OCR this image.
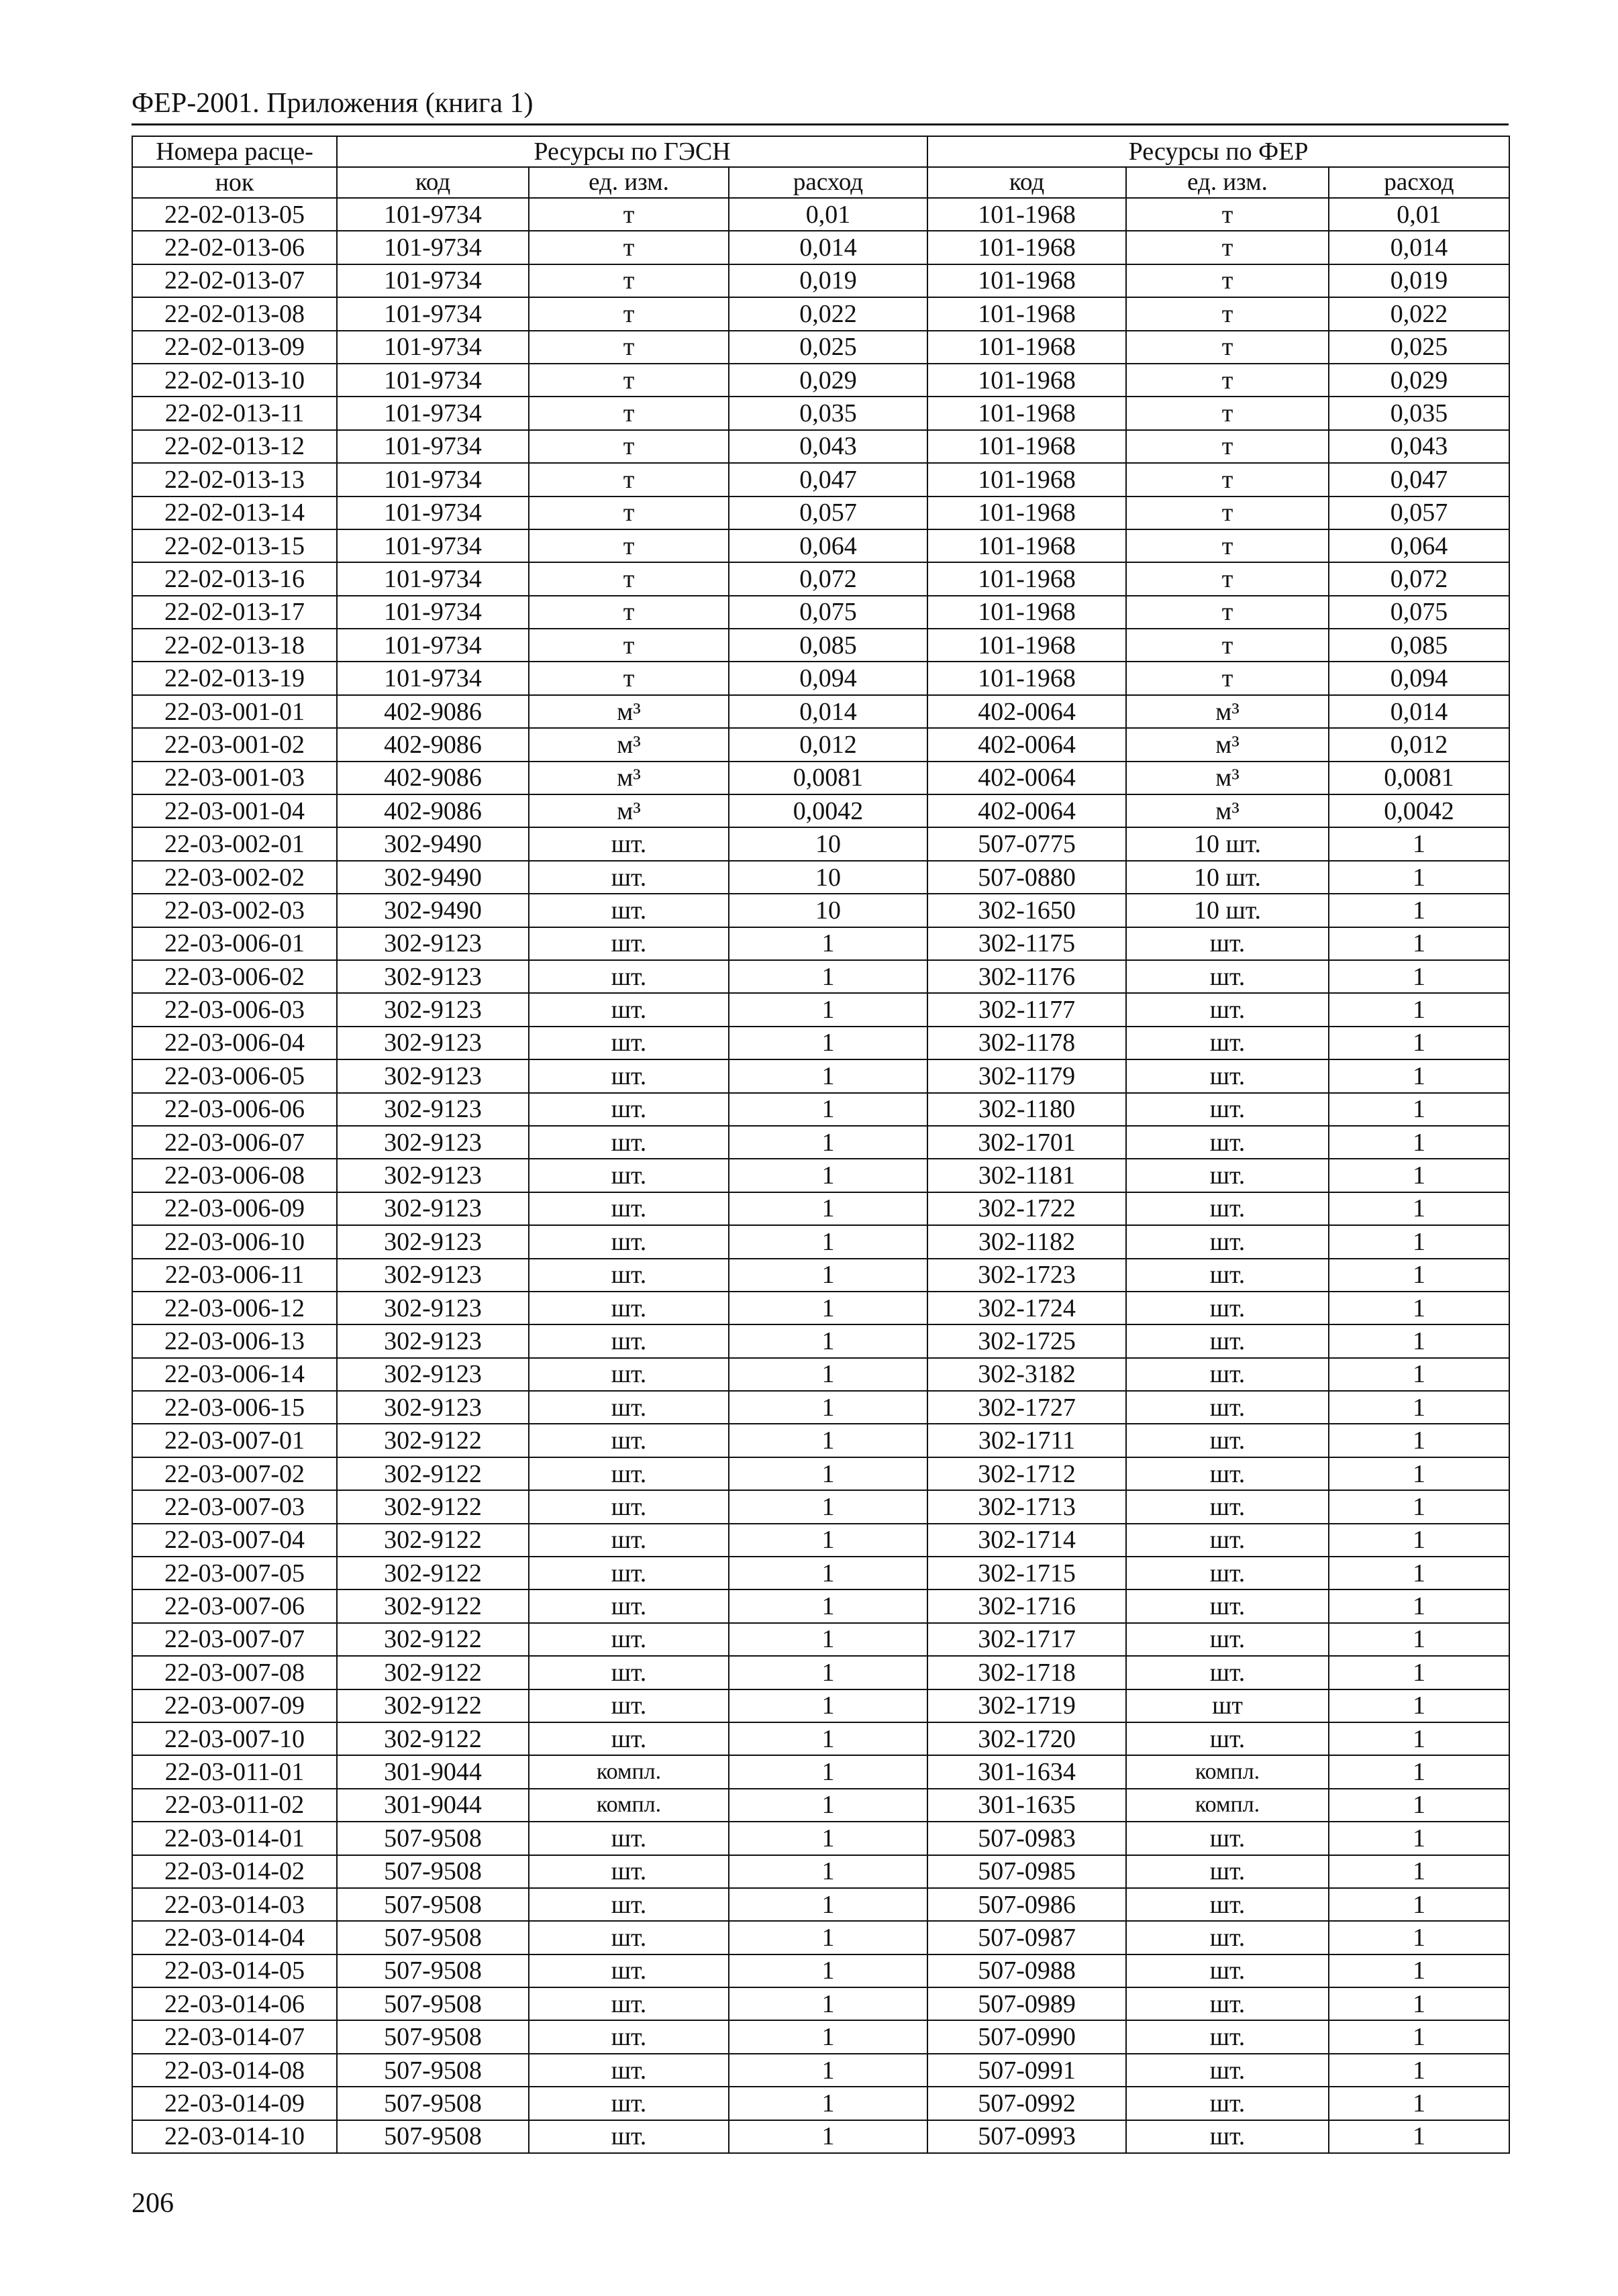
ФЕР-2001. Приложения (книга 1)
Номера расце-	Ресурсы по ГЭСН			Ресурсы по ФЕР		
нок	код	ед. изм.	расход	код	ед. изм.	расход
22-02-013-05	101-9734	т	0,01	101-1968	т	0,01
22-02-013-06	101-9734	т	0,014	101-1968	т	0,014
22-02-013-07	101-9734	т	0,019	101-1968	т	0,019
22-02-013-08	101-9734	т	0,022	101-1968	т	0,022
22-02-013-09	101-9734	т	0,025	101-1968	т	0,025
22-02-013-10	101-9734	т	0,029	101-1968	т	0,029
22-02-013-11	101-9734	т	0,035	101-1968	т	0,035
22-02-013-12	101-9734	т	0,043	101-1968	т	0,043
22-02-013-13	101-9734	т	0,047	101-1968	т	0,047
22-02-013-14	101-9734	т	0,057	101-1968	т	0,057
22-02-013-15	101-9734	т	0,064	101-1968	т	0,064
22-02-013-16	101-9734	т	0,072	101-1968	т	0,072
22-02-013-17	101-9734	т	0,075	101-1968	т	0,075
22-02-013-18	101-9734	т	0,085	101-1968	т	0,085
22-02-013-19	101-9734	т	0,094	101-1968	т	0,094
22-03-001-01	402-9086	м³	0,014	402-0064	м³	0,014
22-03-001-02	402-9086	м³	0,012	402-0064	м³	0,012
22-03-001-03	402-9086	м³	0,0081	402-0064	м³	0,0081
22-03-001-04	402-9086	м³	0,0042	402-0064	м³	0,0042
22-03-002-01	302-9490	шт.	10	507-0775	10 шт.	1
22-03-002-02	302-9490	шт.	10	507-0880	10 шт.	1
22-03-002-03	302-9490	шт.	10	302-1650	10 шт.	1
22-03-006-01	302-9123	шт.	1	302-1175	шт.	1
22-03-006-02	302-9123	шт.	1	302-1176	шт.	1
22-03-006-03	302-9123	шт.	1	302-1177	шт.	1
22-03-006-04	302-9123	шт.	1	302-1178	шт.	1
22-03-006-05	302-9123	шт.	1	302-1179	шт.	1
22-03-006-06	302-9123	шт.	1	302-1180	шт.	1
22-03-006-07	302-9123	шт.	1	302-1701	шт.	1
22-03-006-08	302-9123	шт.	1	302-1181	шт.	1
22-03-006-09	302-9123	шт.	1	302-1722	шт.	1
22-03-006-10	302-9123	шт.	1	302-1182	шт.	1
22-03-006-11	302-9123	шт.	1	302-1723	шт.	1
22-03-006-12	302-9123	шт.	1	302-1724	шт.	1
22-03-006-13	302-9123	шт.	1	302-1725	шт.	1
22-03-006-14	302-9123	шт.	1	302-3182	шт.	1
22-03-006-15	302-9123	шт.	1	302-1727	шт.	1
22-03-007-01	302-9122	шт.	1	302-1711	шт.	1
22-03-007-02	302-9122	шт.	1	302-1712	шт.	1
22-03-007-03	302-9122	шт.	1	302-1713	шт.	1
22-03-007-04	302-9122	шт.	1	302-1714	шт.	1
22-03-007-05	302-9122	шт.	1	302-1715	шт.	1
22-03-007-06	302-9122	шт.	1	302-1716	шт.	1
22-03-007-07	302-9122	шт.	1	302-1717	шт.	1
22-03-007-08	302-9122	шт.	1	302-1718	шт.	1
22-03-007-09	302-9122	шт.	1	302-1719	шт	1
22-03-007-10	302-9122	шт.	1	302-1720	шт.	1
22-03-011-01	301-9044	компл.	1	301-1634	компл.	1
22-03-011-02	301-9044	компл.	1	301-1635	компл.	1
22-03-014-01	507-9508	шт.	1	507-0983	шт.	1
22-03-014-02	507-9508	шт.	1	507-0985	шт.	1
22-03-014-03	507-9508	шт.	1	507-0986	шт.	1
22-03-014-04	507-9508	шт.	1	507-0987	шт.	1
22-03-014-05	507-9508	шт.	1	507-0988	шт.	1
22-03-014-06	507-9508	шт.	1	507-0989	шт.	1
22-03-014-07	507-9508	шт.	1	507-0990	шт.	1
22-03-014-08	507-9508	шт.	1	507-0991	шт.	1
22-03-014-09	507-9508	шт.	1	507-0992	шт.	1
22-03-014-10	507-9508	шт.	1	507-0993	шт.	1
206
